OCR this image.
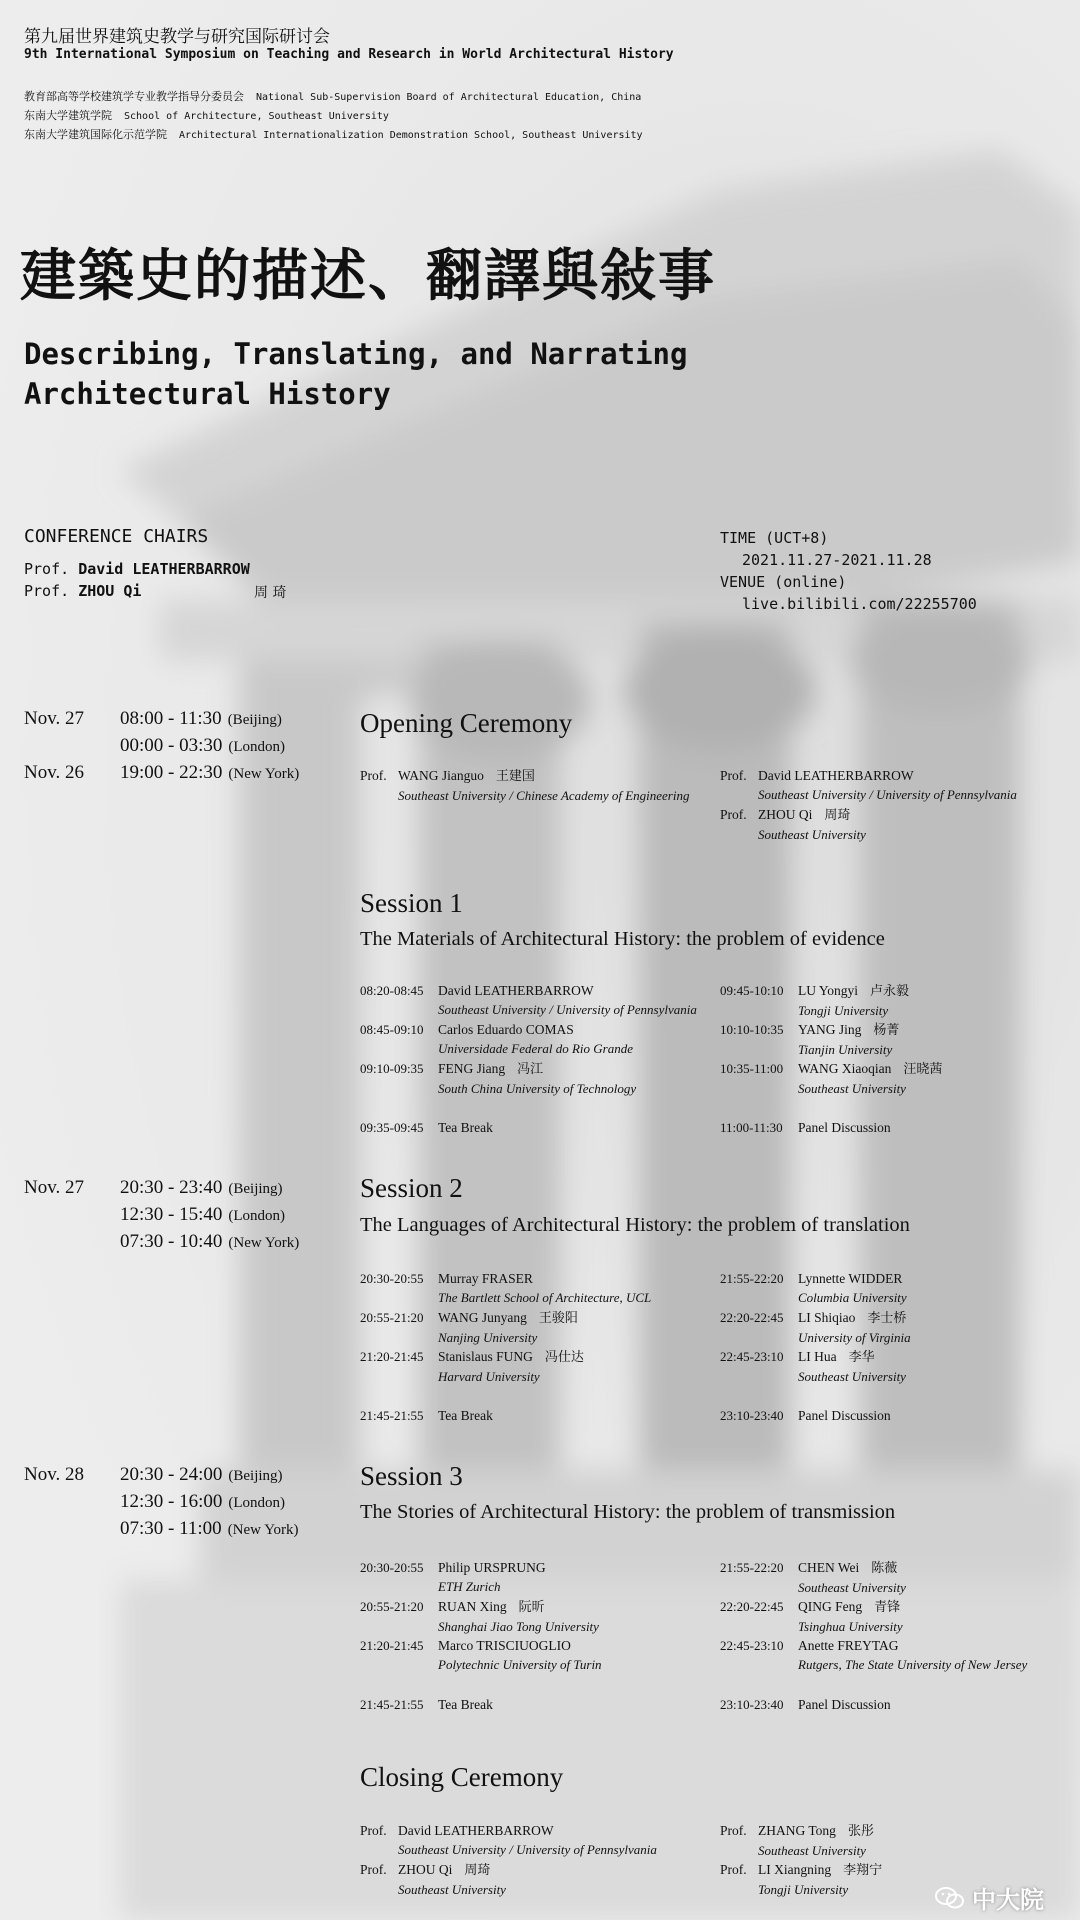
第九届世界建筑史教学与研究国际研讨会
9th International Symposium on Teaching and Research in World Architectural History
教育部高等学校建筑学专业教学指导分委员会 National Sub-Supervision Board of Architectural Education, China
东南大学建筑学院 School of Architecture, Southeast University
东南大学建筑国际化示范学院 Architectural Internationalization Demonstration School, Southeast University
建築史的描述、翻譯與敍事
Describing, Translating, and Narrating
Architectural History
CONFERENCE CHAIRS
Prof. David LEATHERBARROW
Prof. ZHOU Qi	周 琦
TIME (UCT+8)
2021.11.27-2021.11.28
VENUE (online)
live.bilibili.com/22255700
Nov. 27
Nov. 26
08:00 - 11:30 (Beijing)
00:00 - 03:30 (London)
19:00 - 22:30 (New York)
Opening Ceremony
Prof. WANG Jianguo 王建国
Southeast University / Chinese Academy of Engineering
Prof. David LEATHERBARROW
Southeast University / University of Pennsylvania
Prof. ZHOU Qi 周琦
Southeast University
Session 1
The Materials of Architectural History: the problem of evidence
08:20-08:45 David LEATHERBARROW
Southeast University / University of Pennsylvania
08:45-09:10 Carlos Eduardo COMAS
Universidade Federal do Rio Grande
09:10-09:35 FENG Jiang 冯江
South China University of Technology
09:35-09:45 Tea Break
09:45-10:10 LU Yongyi 卢永毅
Tongji University
10:10-10:35 YANG Jing 杨菁
Tianjin University
10:35-11:00 WANG Xiaoqian 汪晓茜
Southeast University
11:00-11:30 Panel Discussion
Nov. 27 20:30 - 23:40 (Beijing)
12:30 - 15:40 (London)
07:30 - 10:40 (New York)
Session 2
The Languages of Architectural History: the problem of translation
20:30-20:55 Murray FRASER
The Bartlett School of Architecture, UCL
20:55-21:20 WANG Junyang 王骏阳
Nanjing University
21:20-21:45 Stanislaus FUNG 冯仕达
Harvard University
21:45-21:55 Tea Break
21:55-22:20 Lynnette WIDDER
Columbia University
22:20-22:45 LI Shiqiao 李士桥
University of Virginia
22:45-23:10 LI Hua 李华
Southeast University
23:10-23:40 Panel Discussion
Nov. 28 20:30 - 24:00 (Beijing)
12:30 - 16:00 (London)
07:30 - 11:00 (New York)
Session 3
The Stories of Architectural History: the problem of transmission
20:30-20:55 Philip URSPRUNG
ETH Zurich
20:55-21:20 RUAN Xing 阮昕
Shanghai Jiao Tong University
21:20-21:45 Marco TRISCIUOGLIO
Polytechnic University of Turin
21:45-21:55 Tea Break
21:55-22:20 CHEN Wei 陈薇
Southeast University
22:20-22:45 QING Feng 青锋
Tsinghua University
22:45-23:10 Anette FREYTAG
Rutgers, The State University of New Jersey
23:10-23:40 Panel Discussion
Closing Ceremony
Prof. David LEATHERBARROW
Southeast University / University of Pennsylvania
Prof. ZHOU Qi 周琦
Southeast University
Prof. ZHANG Tong 张彤
Southeast University
Prof. LI Xiangning 李翔宁
Tongji University	中大院
